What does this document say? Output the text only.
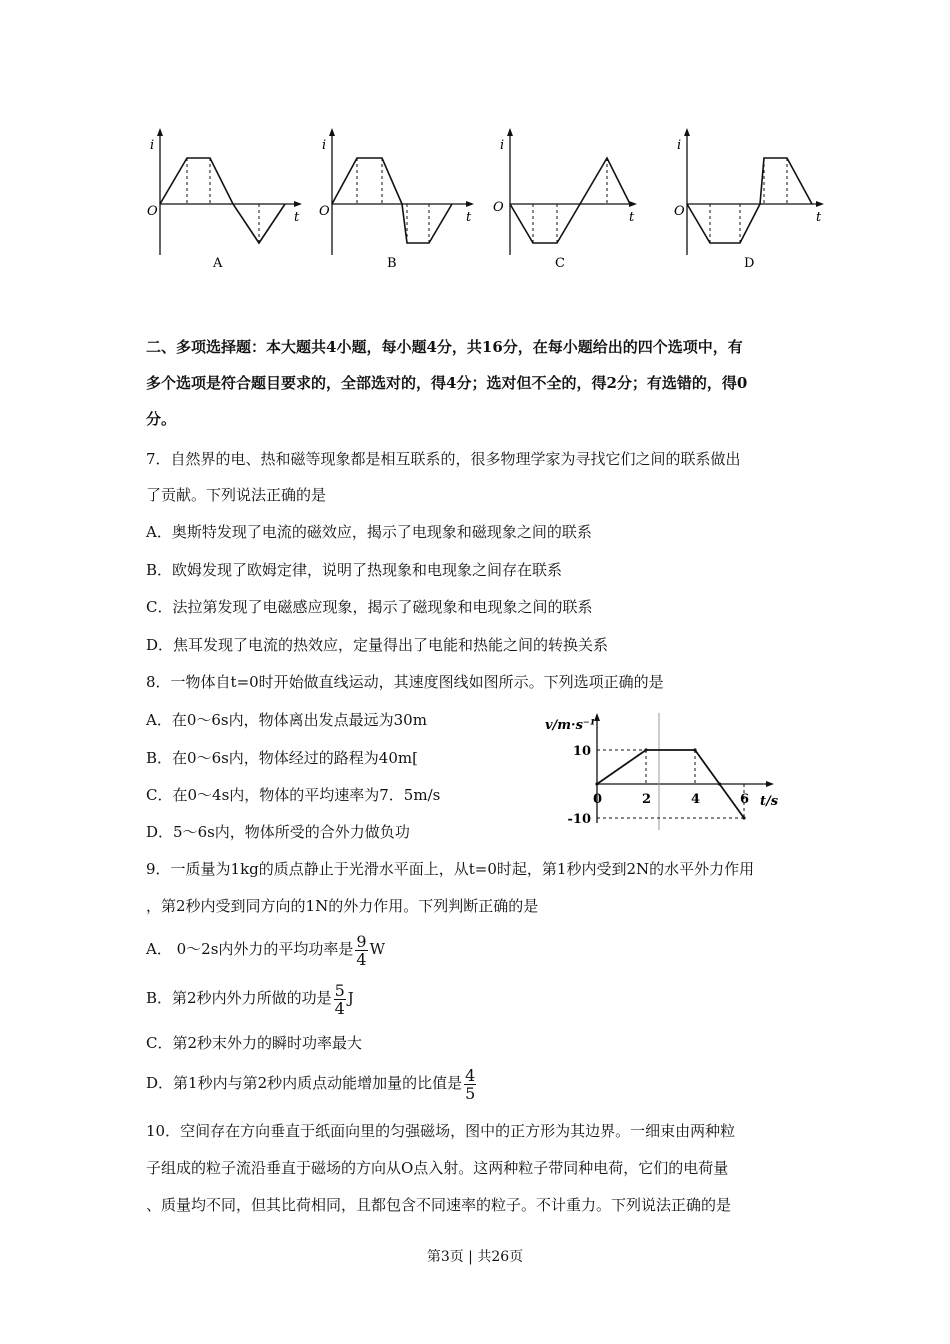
i
O	t
A
i
O	t
B
i
O
t
C
i
O	t
D
二、多项选择题：本大题共4小题，每小题4分，共16分，在每小题给出的四个选项中，有
多个选项是符合题目要求的，全部选对的，得4分；选对但不全的，得2分；有选错的，得0
分。
7．自然界的电、热和磁等现象都是相互联系的，很多物理学家为寻找它们之间的联系做出
了贡献。下列说法正确的是
A．奥斯特发现了电流的磁效应，揭示了电现象和磁现象之间的联系
B．欧姆发现了欧姆定律，说明了热现象和电现象之间存在联系
C．法拉第发现了电磁感应现象，揭示了磁现象和电现象之间的联系
D．焦耳发现了电流的热效应，定量得出了电能和热能之间的转换关系
8．一物体自t=0时开始做直线运动，其速度图线如图所示。下列选项正确的是
A．在0～6s内，物体离出发点最远为30m
B．在0～6s内，物体经过的路程为40m[
C．在0～4s内，物体的平均速率为7．5m/s
D．5～6s内，物体所受的合外力做负功
v/m·s⁻¹
t/s
0	2	4	6
10
-10
9．一质量为1kg的质点静止于光滑水平面上，从t=0时起，第1秒内受到2N的水平外力作用
，第2秒内受到同方向的1N的外力作用。下列判断正确的是
A． 0～2s内外力的平均功率是 $\frac{9}{4}$ W
B．第2秒内外力所做的功是 $\frac{5}{4}$ J
C．第2秒末外力的瞬时功率最大
D．第1秒内与第2秒内质点动能增加量的比值是 $\frac{4}{5}$
10．空间存在方向垂直于纸面向里的匀强磁场，图中的正方形为其边界。一细束由两种粒
子组成的粒子流沿垂直于磁场的方向从O点入射。这两种粒子带同种电荷，它们的电荷量
、质量均不同，但其比荷相同，且都包含不同速率的粒子。不计重力。下列说法正确的是
第3页 | 共26页
